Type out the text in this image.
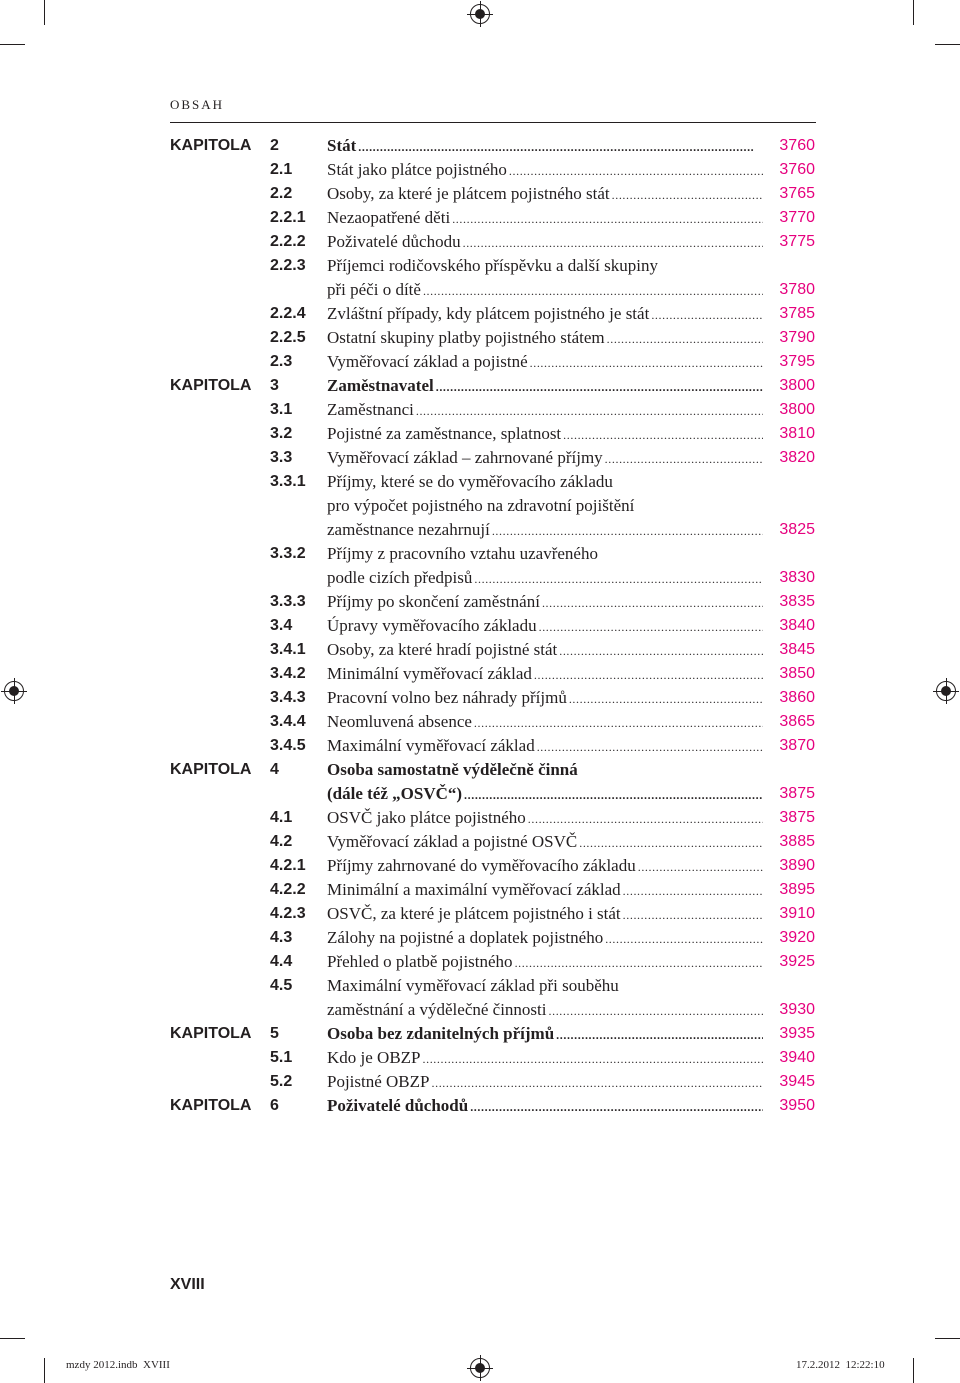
OBSAH
KAPITOLA	2	Stát . . .	3760
2.1	Stát jako plátce pojistného . . .	3760
2.2	Osoby, za které je plátcem pojistného stát . . .	3765
2.2.1	Nezaopatřené děti . . .	3770
2.2.2	Poživatelé důchodu . . .	3775
2.2.3	Příjemci rodičovského příspěvku a další skupiny
při péči o dítě . . .	3780
2.2.4	Zvláštní případy, kdy plátcem pojistného je stát . . .	3785
2.2.5	Ostatní skupiny platby pojistného státem . . .	3790
2.3	Vyměřovací základ a pojistné . . .	3795
KAPITOLA	3	Zaměstnavatel . . .	3800
3.1	Zaměstnanci . . .	3800
3.2	Pojistné za zaměstnance, splatnost . . .	3810
3.3	Vyměřovací základ – zahrnované příjmy . . .	3820
3.3.1	Příjmy, které se do vyměřovacího základu
pro výpočet pojistného na zdravotní pojištění
zaměstnance nezahrnují . . .	3825
3.3.2	Příjmy z pracovního vztahu uzavřeného
podle cizích předpisů . . .	3830
3.3.3	Příjmy po skončení zaměstnání . . .	3835
3.4	Úpravy vyměřovacího základu . . .	3840
3.4.1	Osoby, za které hradí pojistné stát . . .	3845
3.4.2	Minimální vyměřovací základ . . .	3850
3.4.3	Pracovní volno bez náhrady příjmů . . .	3860
3.4.4	Neomluvená absence . . .	3865
3.4.5	Maximální vyměřovací základ . . .	3870
KAPITOLA	4	Osoba samostatně výdělečně činná
(dále též „OSVČ“) . . .	3875
4.1	OSVČ jako plátce pojistného . . .	3875
4.2	Vyměřovací základ a pojistné OSVČ . . .	3885
4.2.1	Příjmy zahrnované do vyměřovacího základu . . .	3890
4.2.2	Minimální a maximální vyměřovací základ . . .	3895
4.2.3	OSVČ, za které je plátcem pojistného i stát . . .	3910
4.3	Zálohy na pojistné a doplatek pojistného . . .	3920
4.4	Přehled o platbě pojistného . . .	3925
4.5	Maximální vyměřovací základ při souběhu
zaměstnání a výdělečné činnosti . . .	3930
KAPITOLA	5	Osoba bez zdanitelných příjmů . . .	3935
5.1	Kdo je OBZP . . .	3940
5.2	Pojistné OBZP . . .	3945
KAPITOLA	6	Poživatelé důchodů . . .	3950
XVIII
mzdy 2012.indb XVIII	17.2.2012 12:22:10
